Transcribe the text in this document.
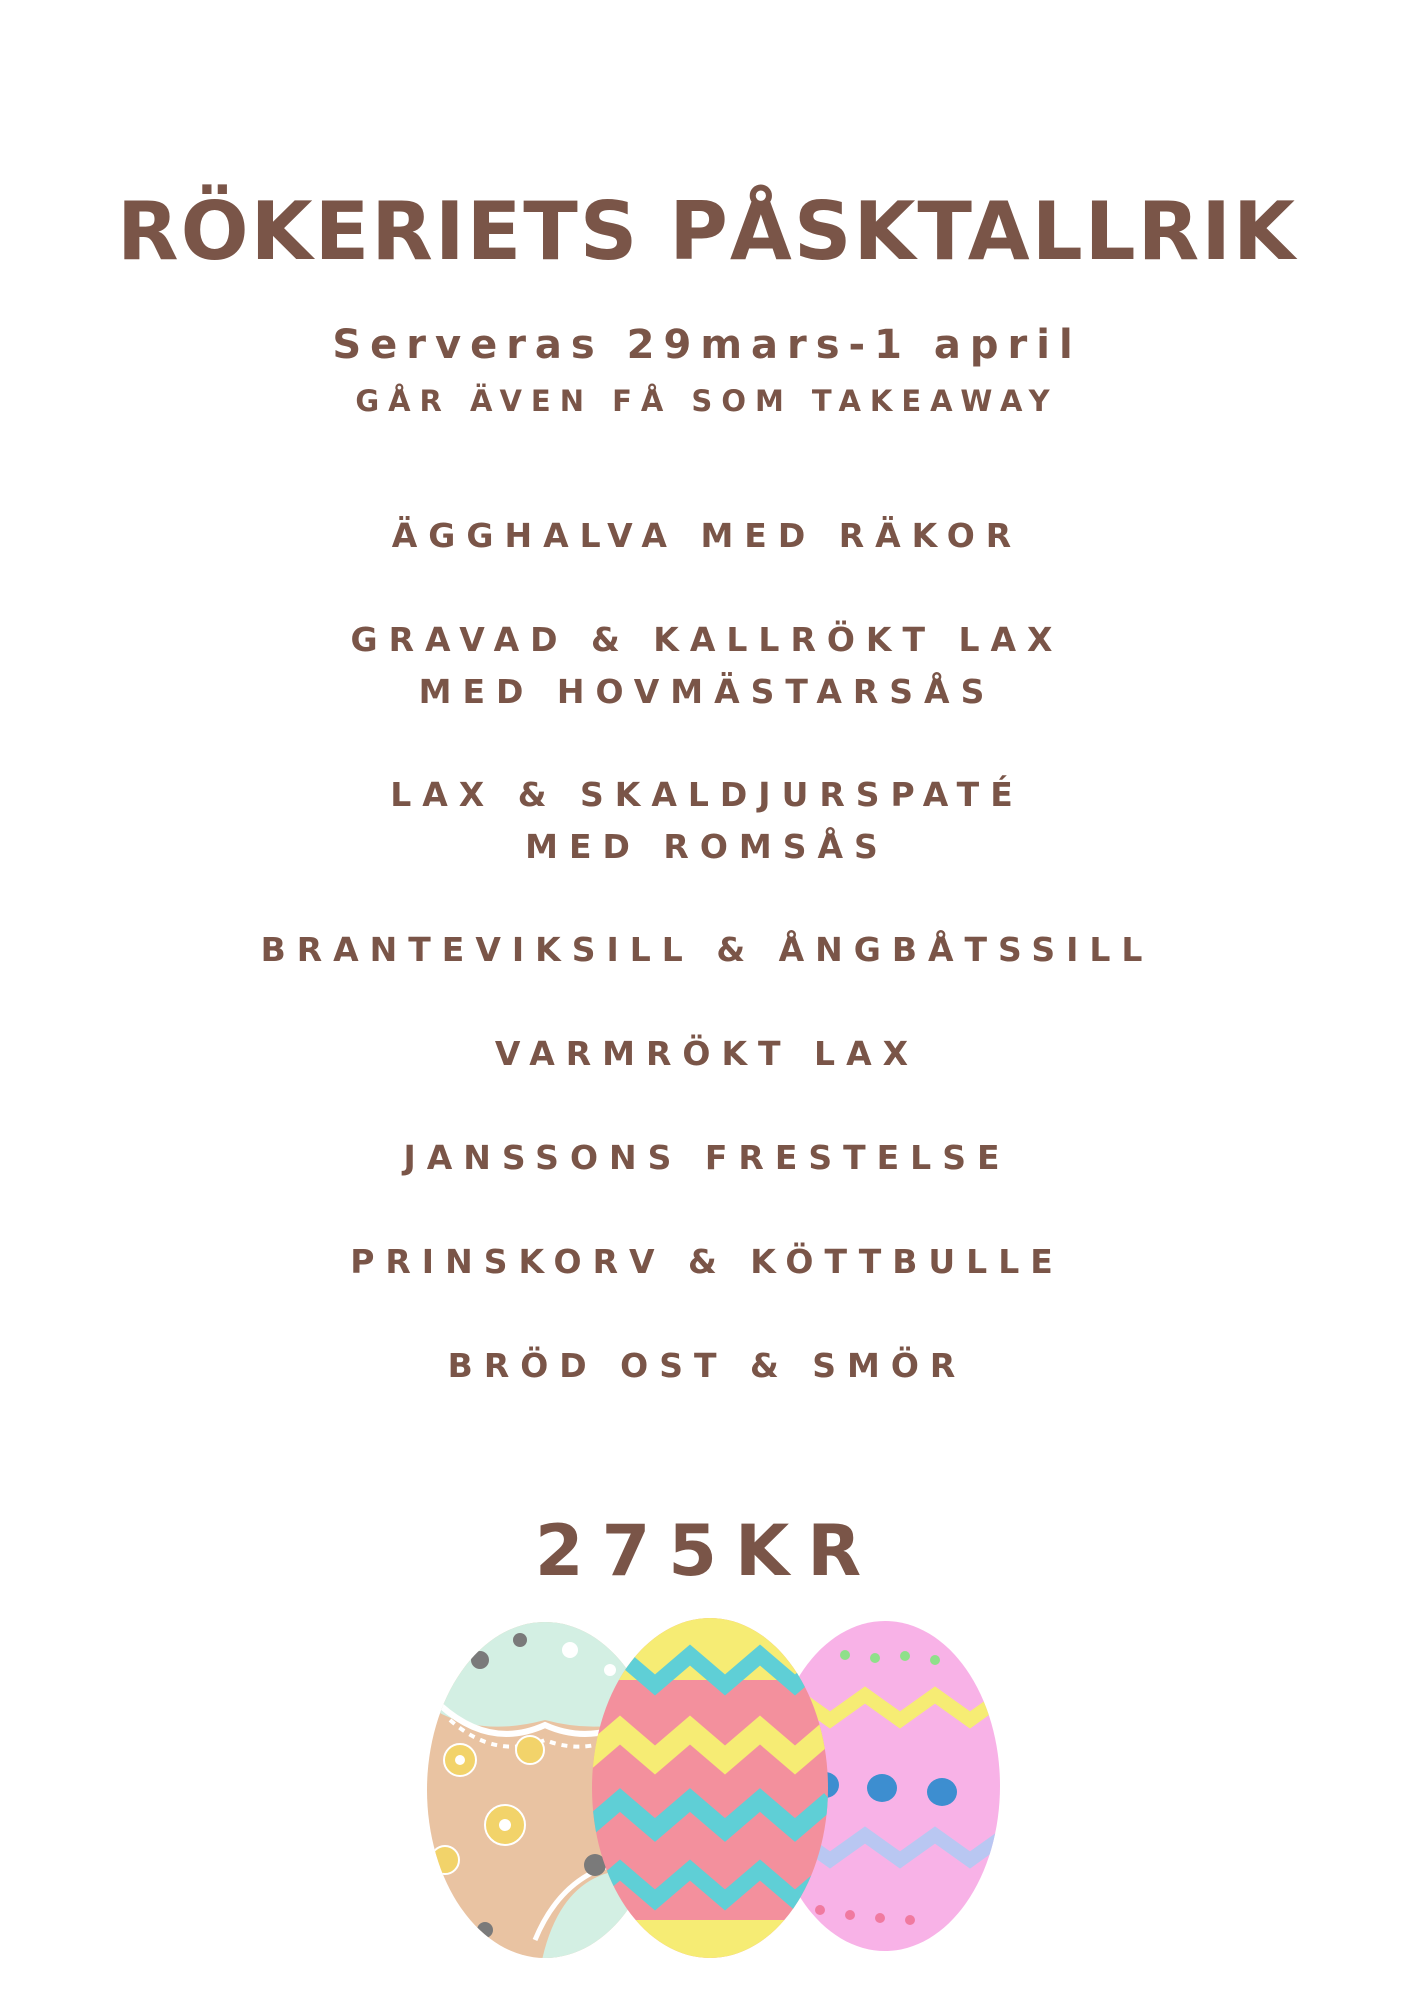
RÖKERIETS PÅSKTALLRIK
Serveras 29mars-1 april
GÅR ÄVEN FÅ SOM TAKEAWAY
ÄGGHALVA MED RÄKOR
GRAVAD & KALLRÖKT LAX MED HOVMÄSTARSÅS
LAX & SKALDJURSPATÉ MED ROMSÅS
BRANTEVIKSILL & ÅNGBÅTSSILL
VARMRÖKT LAX
JANSSONS FRESTELSE
PRINSKORV & KÖTTBULLE
BRÖD OST & SMÖR
275KR
